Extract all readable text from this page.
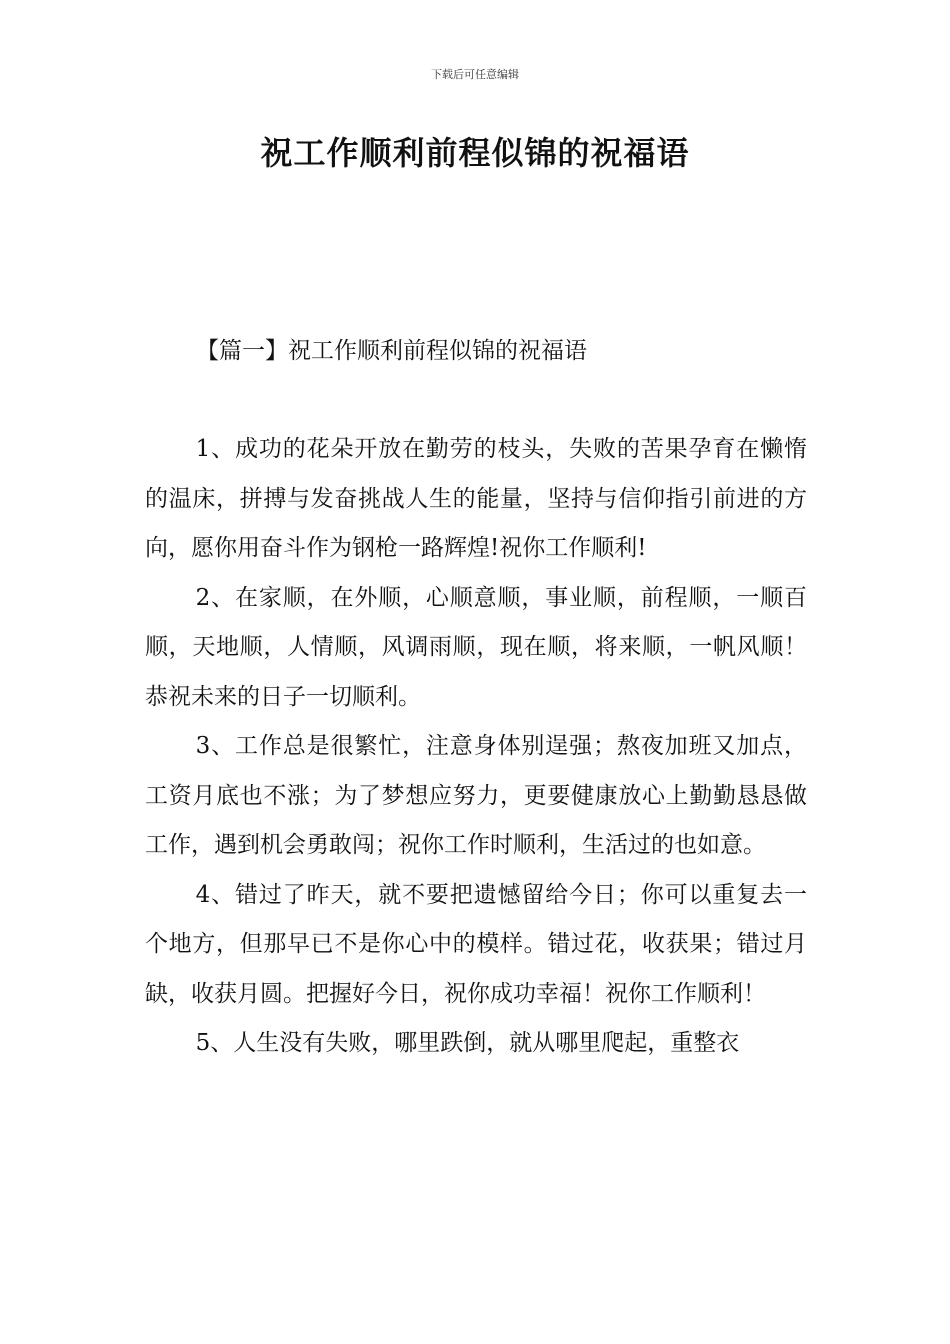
下载后可任意编辑
祝工作顺利前程似锦的祝福语
【篇一】祝工作顺利前程似锦的祝福语

1、成功的花朵开放在勤劳的枝头，失败的苦果孕育在懒惰的温床，拼搏与发奋挑战人生的能量，坚持与信仰指引前进的方向，愿你用奋斗作为钢枪一路辉煌!祝你工作顺利!

2、在家顺，在外顺，心顺意顺，事业顺，前程顺，一顺百顺，天地顺，人情顺，风调雨顺，现在顺，将来顺，一帆风顺！恭祝未来的日子一切顺利。

3、工作总是很繁忙，注意身体别逞强；熬夜加班又加点，工资月底也不涨；为了梦想应努力，更要健康放心上勤勤恳恳做工作，遇到机会勇敢闯；祝你工作时顺利，生活过的也如意。

4、错过了昨天，就不要把遗憾留给今日；你可以重复去一个地方，但那早已不是你心中的模样。错过花，收获果；错过月缺，收获月圆。把握好今日，祝你成功幸福！祝你工作顺利！

5、人生没有失败，哪里跌倒，就从哪里爬起，重整衣
